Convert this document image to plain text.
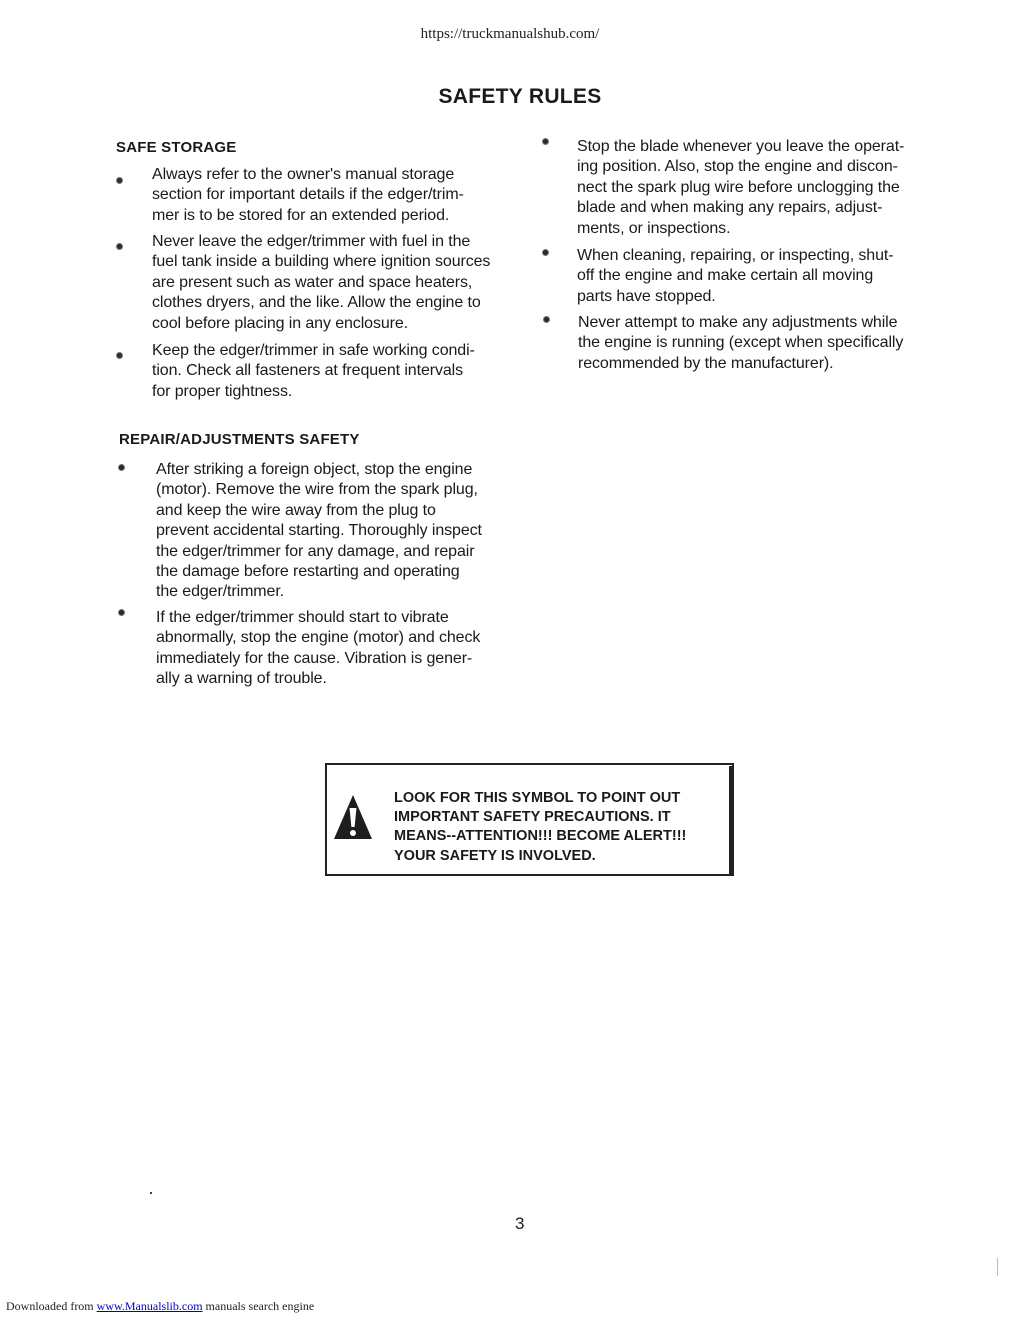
https://truckmanualshub.com/
SAFETY RULES
SAFE STORAGE
Always refer to the owner's manual storage
section for important details if the edger/trim-
mer is to be stored for an extended period.
Never leave the edger/trimmer with fuel in the
fuel tank inside a building where ignition sources
are present such as water and space heaters,
clothes dryers, and the like. Allow the engine to
cool before placing in any enclosure.
Keep the edger/trimmer in safe working condi-
tion. Check all fasteners at frequent intervals
for proper tightness.
REPAIR/ADJUSTMENTS SAFETY
After striking a foreign object, stop the engine
(motor). Remove the wire from the spark plug,
and keep the wire away from the plug to
prevent accidental starting. Thoroughly inspect
the edger/trimmer for any damage, and repair
the damage before restarting and operating
the edger/trimmer.
If the edger/trimmer should start to vibrate
abnormally, stop the engine (motor) and check
immediately for the cause. Vibration is gener-
ally a warning of trouble.
Stop the blade whenever you leave the operat-
ing position. Also, stop the engine and discon-
nect the spark plug wire before unclogging the
blade and when making any repairs, adjust-
ments, or inspections.
When cleaning, repairing, or inspecting, shut-
off the engine and make certain all moving
parts have stopped.
Never attempt to make any adjustments while
the engine is running (except when specifically
recommended by the manufacturer).
LOOK FOR THIS SYMBOL TO POINT OUT
IMPORTANT SAFETY PRECAUTIONS. IT
MEANS--ATTENTION!!! BECOME ALERT!!!
YOUR SAFETY IS INVOLVED.
3
Downloaded from www.Manualslib.com manuals search engine
